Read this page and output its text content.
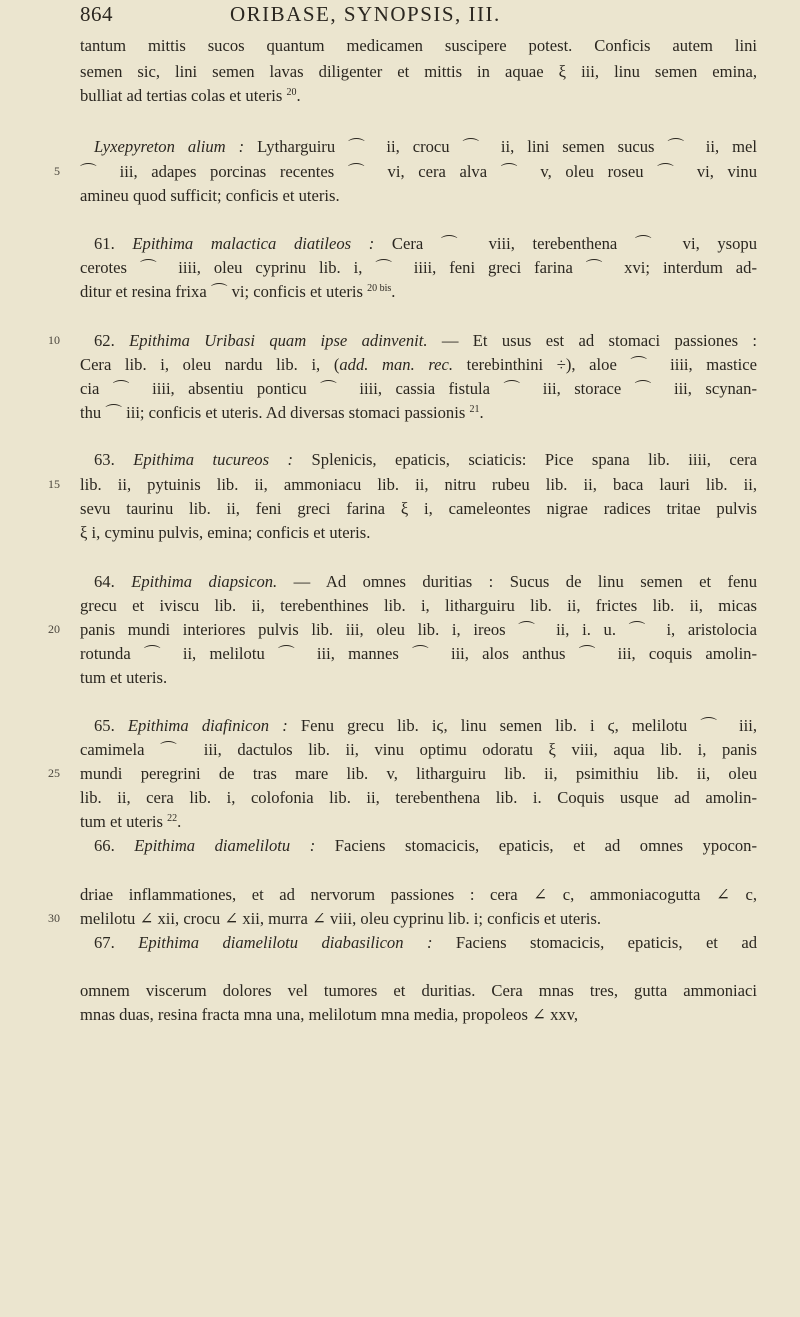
864	ORIBASE, SYNOPSIS, III.
tantum mittis sucos quantum medicamen suscipere potest. Conficis autem lini
semen sic, lini semen lavas diligenter et mittis in aquae ξ iii, linu semen emina,
bulliat ad tertias colas et uteris $^{20}$.
Lyxepyreton alium : Lytharguiru ⌒ ii, crocu ⌒ ii, lini semen sucus ⌒ ii, mel
⌒ iii, adapes porcinas recentes ⌒ vi, cera alva ⌒ v, oleu roseu ⌒ vi, vinu
amineu quod sufficit; conficis et uteris.
61. Epithima malactica diatileos : Cera ⌒ viii, terebenthena ⌒ vi, ysopu
cerotes ⌒ iiii, oleu cyprinu lib. i, ⌒ iiii, feni greci farina ⌒ xvi; interdum ad-
ditur et resina frixa ⌒ vi; conficis et uteris $^{20 bis}$.
62. Epithima Uribasi quam ipse adinvenit. — Et usus est ad stomaci passiones :
Cera lib. i, oleu nardu lib. i, (add. man. rec. terebinthini ÷), aloe ⌒ iiii, mastice
cia ⌒ iiii, absentiu ponticu ⌒ iiii, cassia fistula ⌒ iii, storace ⌒ iii, scynan-
thu ⌒ iii; conficis et uteris. Ad diversas stomaci passionis $^{21}$.
63. Epithima tucureos : Splenicis, epaticis, sciaticis: Pice spana lib. iiii, cera
lib. ii, pytuinis lib. ii, ammoniacu lib. ii, nitru rubeu lib. ii, baca lauri lib. ii,
sevu taurinu lib. ii, feni greci farina ξ i, cameleontes nigrae radices tritae pulvis
ξ i, cyminu pulvis, emina; conficis et uteris.
64. Epithima diapsicon. — Ad omnes duritias : Sucus de linu semen et fenu
grecu et iviscu lib. ii, terebenthines lib. i, litharguiru lib. ii, frictes lib. ii, micas
panis mundi interiores pulvis lib. iii, oleu lib. i, ireos ⌒ ii, i. u. ⌒ i, aristolocia
rotunda ⌒ ii, melilotu ⌒ iii, mannes ⌒ iii, alos anthus ⌒ iii, coquis amolin-
tum et uteris.
65. Epithima diafinicon : Fenu grecu lib. iϛ, linu semen lib. i ϛ, melilotu ⌒ iii,
camimela ⌒ iii, dactulos lib. ii, vinu optimu odoratu ξ viii, aqua lib. i, panis
mundi peregrini de tras mare lib. v, litharguiru lib. ii, psimithiu lib. ii, oleu
lib. ii, cera lib. i, colofonia lib. ii, terebenthena lib. i. Coquis usque ad amolin-
tum et uteris $^{22}$.
66. Epithima diamelilotu : Faciens stomacicis, epaticis, et ad omnes ypocon-
driae inflammationes, et ad nervorum passiones : cera ∠ c, ammoniacogutta ∠ c,
melilotu ∠ xii, crocu ∠ xii, murra ∠ viii, oleu cyprinu lib. i; conficis et uteris.
67. Epithima diamelilotu diabasilicon : Faciens stomacicis, epaticis, et ad
omnem viscerum dolores vel tumores et duritias. Cera mnas tres, gutta ammoniaci
mnas duas, resina fracta mna una, melilotum mna media, propoleos ∠ xxv,
5
10
15
20
25
30
